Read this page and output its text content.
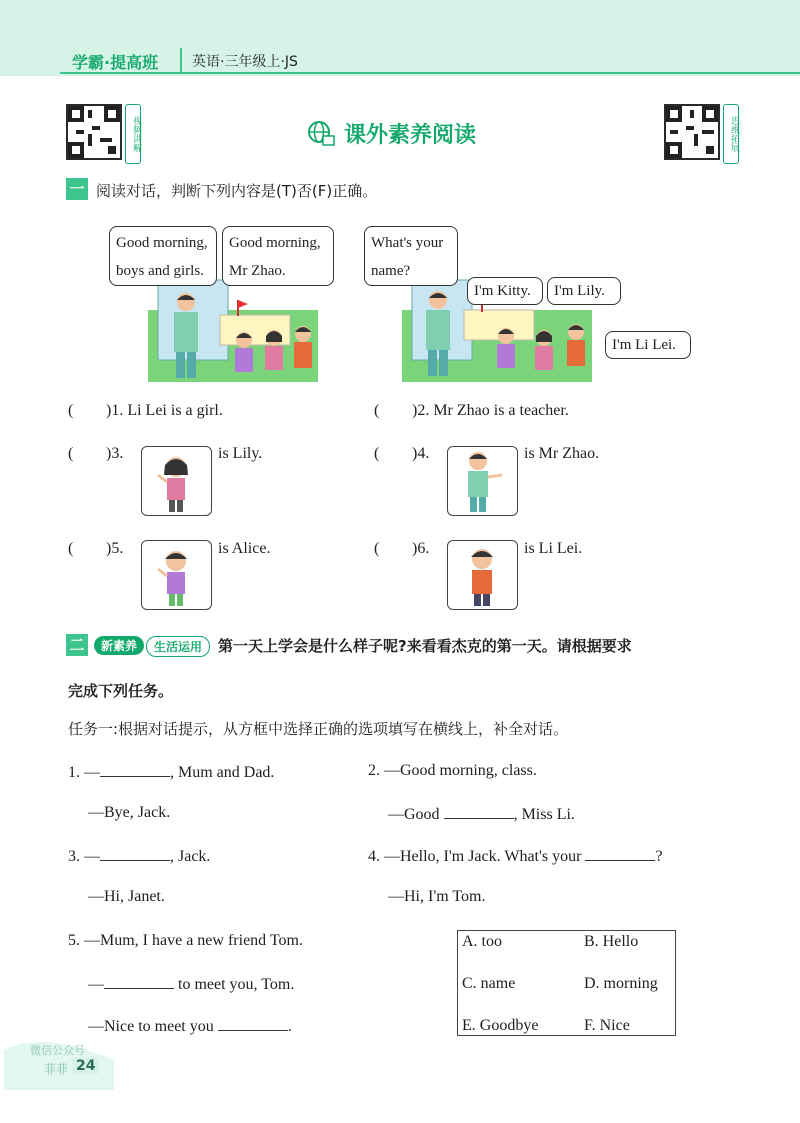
学霸·提高班 英语·三年级上·JS
视频讲解	思维拓展
课外素养阅读
一 阅读对话，判断下列内容是(T)否(F)正确。
Good morning,
boys and girls.
Good morning,
Mr Zhao.
What's your
name?
I'm Kitty.	I'm Lily.
I'm Li Lei.
( )1. Li Lei is a girl.	( )2. Mr Zhao is a teacher.
( )3.	is Lily.	( )4.	is Mr Zhao.
( )5.	is Alice.	( )6.	is Li Lei.
二	新素养	生活运用	第一天上学会是什么样子呢?来看看杰克的第一天。请根据要求
完成下列任务。
任务一:根据对话提示，从方框中选择正确的选项填写在横线上，补全对话。
1. —	, Mum and Dad.
—Bye, Jack.
2. —Good morning, class.
—Good	, Miss Li.
3. —	, Jack.
—Hi, Janet.
4. —Hello, I'm Jack. What's your	?
—Hi, I'm Tom.
5. —Mum, I have a new friend Tom.
—	to meet you, Tom.
—Nice to meet you	.
A. too	B. Hello
C. name	D. morning
E. Goodbye	F. Nice
微信公众号
菲菲 24
